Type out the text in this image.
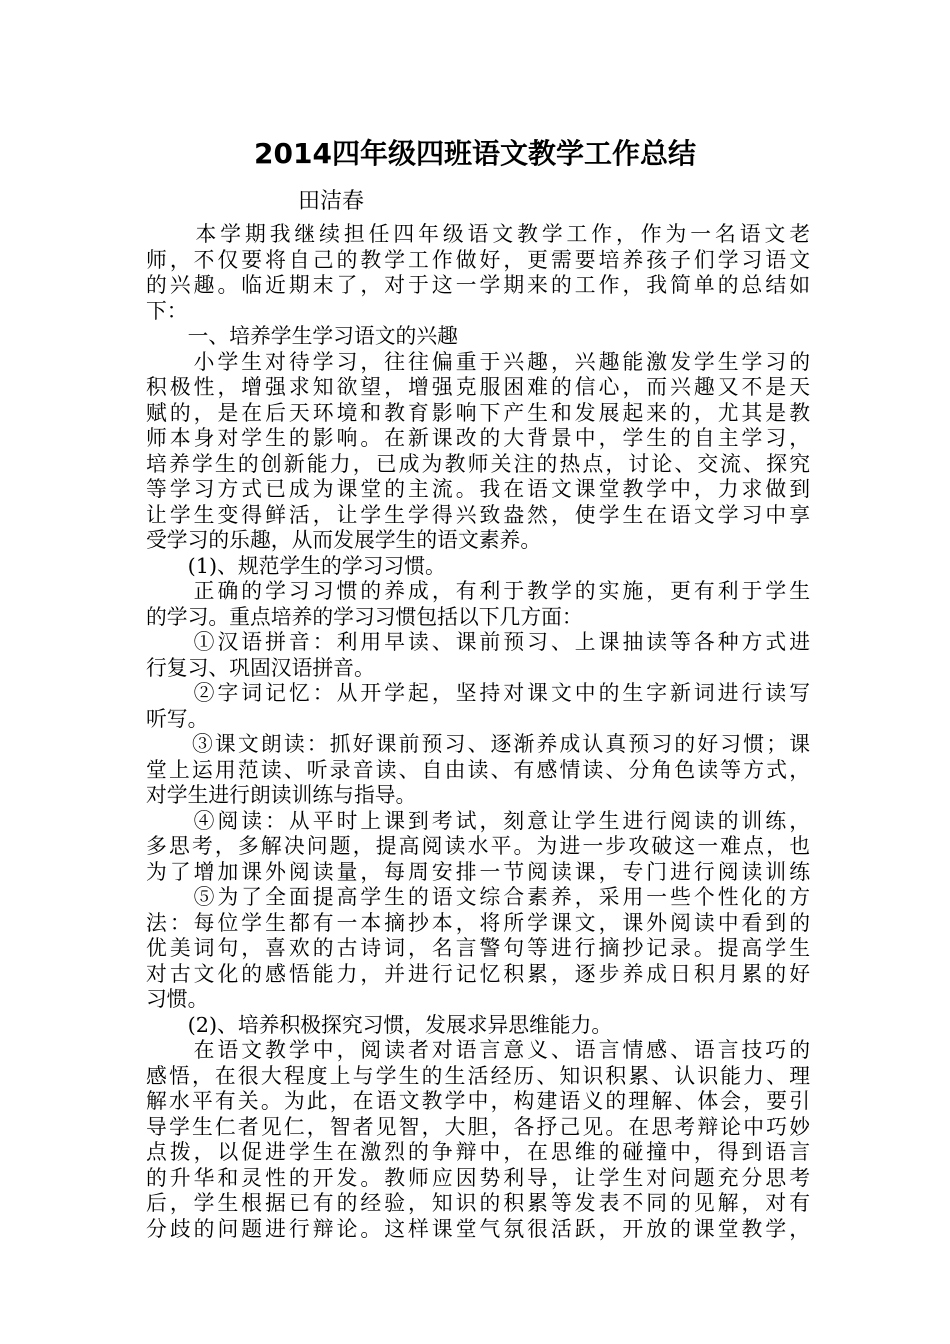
2014四年级四班语文教学工作总结
田洁春
　　本学期我继续担任四年级语文教学工作，作为一名语文老
师，不仅要将自己的教学工作做好，更需要培养孩子们学习语文
的兴趣。临近期末了，对于这一学期来的工作，我简单的总结如
下：
　　一、培养学生学习语文的兴趣
　　小学生对待学习，往往偏重于兴趣，兴趣能激发学生学习的
积极性，增强求知欲望，增强克服困难的信心，而兴趣又不是天
赋的，是在后天环境和教育影响下产生和发展起来的，尤其是教
师本身对学生的影响。在新课改的大背景中，学生的自主学习，
培养学生的创新能力，已成为教师关注的热点，讨论、交流、探究
等学习方式已成为课堂的主流。我在语文课堂教学中，力求做到
让学生变得鲜活，让学生学得兴致盎然，使学生在语文学习中享
受学习的乐趣，从而发展学生的语文素养。
　　(1)、规范学生的学习习惯。
　　正确的学习习惯的养成，有利于教学的实施，更有利于学生
的学习。重点培养的学习习惯包括以下几方面：
　　①汉语拼音：利用早读、课前预习、上课抽读等各种方式进
行复习、巩固汉语拼音。
　　②字词记忆：从开学起，坚持对课文中的生字新词进行读写
听写。
　　③课文朗读：抓好课前预习、逐渐养成认真预习的好习惯；课
堂上运用范读、听录音读、自由读、有感情读、分角色读等方式，
对学生进行朗读训练与指导。
　　④阅读：从平时上课到考试，刻意让学生进行阅读的训练，
多思考，多解决问题，提高阅读水平。为进一步攻破这一难点，也
为了增加课外阅读量，每周安排一节阅读课，专门进行阅读训练
　　⑤为了全面提高学生的语文综合素养，采用一些个性化的方
法：每位学生都有一本摘抄本，将所学课文，课外阅读中看到的
优美词句，喜欢的古诗词，名言警句等进行摘抄记录。提高学生
对古文化的感悟能力，并进行记忆积累，逐步养成日积月累的好
习惯。
　　(2)、培养积极探究习惯，发展求异思维能力。
　　在语文教学中，阅读者对语言意义、语言情感、语言技巧的
感悟，在很大程度上与学生的生活经历、知识积累、认识能力、理
解水平有关。为此，在语文教学中，构建语义的理解、体会，要引
导学生仁者见仁，智者见智，大胆，各抒己见。在思考辩论中巧妙
点拨，以促进学生在激烈的争辩中，在思维的碰撞中，得到语言
的升华和灵性的开发。教师应因势利导，让学生对问题充分思考
后，学生根据已有的经验，知识的积累等发表不同的见解，对有
分歧的问题进行辩论。这样课堂气氛很活跃，开放的课堂教学，
